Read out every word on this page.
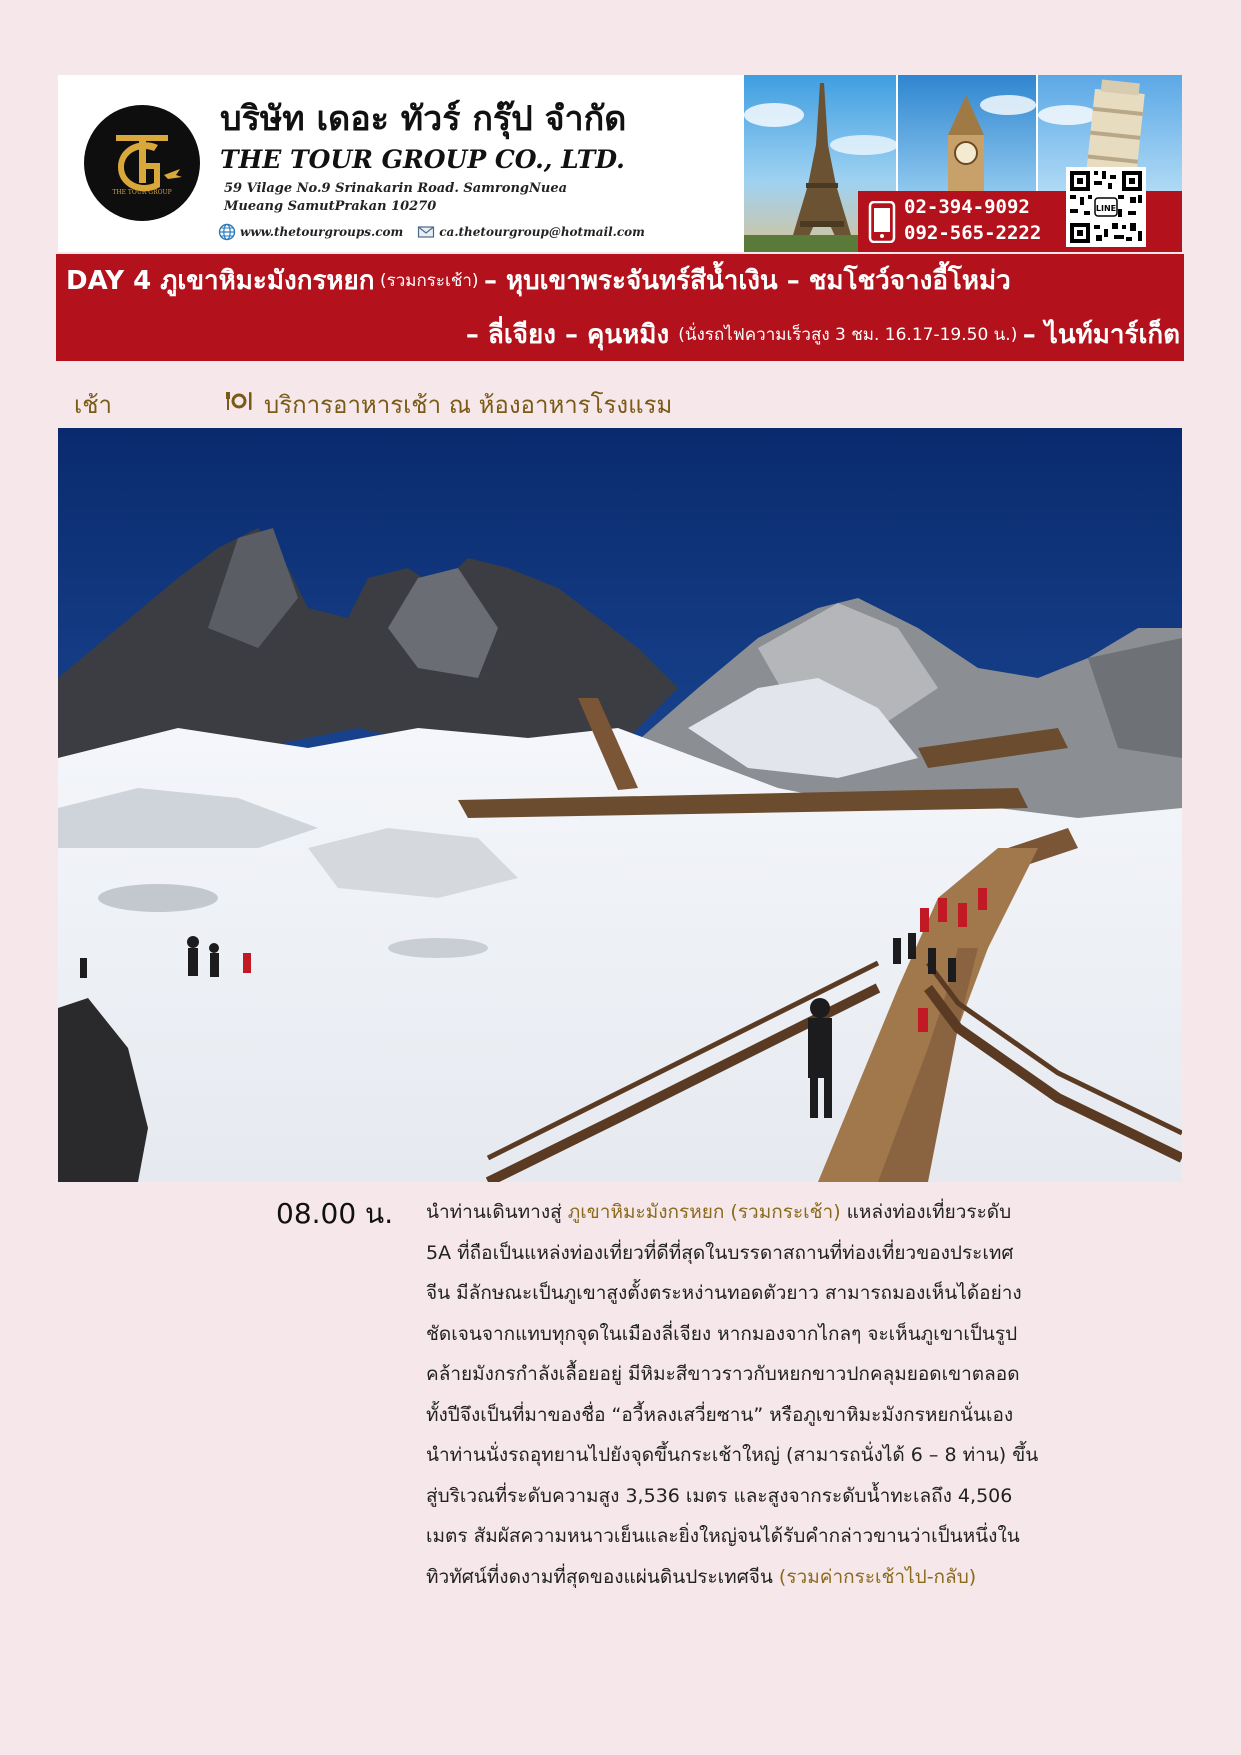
THE TOUR GROUP
บริษัท เดอะ ทัวร์ กรุ๊ป จำกัด
THE TOUR GROUP CO., LTD.
59 Vilage No.9 Srinakarin Road. SamrongNuea
Mueang SamutPrakan 10270
www.thetourgroups.com	ca.thetourgroup@hotmail.com
02-394-9092
092-565-2222
LINE
DAY 4 ภูเขาหิมะมังกรหยก (รวมกระเช้า) – หุบเขาพระจันทร์สีน้ำเงิน – ชมโชว์จางอี้โหม่ว
– ลี่เจียง – คุนหมิง (นั่งรถไฟความเร็วสูง 3 ชม. 16.17-19.50 น.) – ไนท์มาร์เก็ต
เช้า	บริการอาหารเช้า ณ ห้องอาหารโรงแรม
08.00 น. นำท่านเดินทางสู่ ภูเขาหิมะมังกรหยก (รวมกระเช้า) แหล่งท่องเที่ยวระดับ
5A ที่ถือเป็นแหล่งท่องเที่ยวที่ดีที่สุดในบรรดาสถานที่ท่องเที่ยวของประเทศ
จีน มีลักษณะเป็นภูเขาสูงตั้งตระหง่านทอดตัวยาว สามารถมองเห็นได้อย่าง
ชัดเจนจากแทบทุกจุดในเมืองลี่เจียง หากมองจากไกลๆ จะเห็นภูเขาเป็นรูป
คล้ายมังกรกำลังเลื้อยอยู่ มีหิมะสีขาวราวกับหยกขาวปกคลุมยอดเขาตลอด
ทั้งปีจึงเป็นที่มาของชื่อ “อวี้หลงเสวี่ยซาน” หรือภูเขาหิมะมังกรหยกนั่นเอง
นำท่านนั่งรถอุทยานไปยังจุดขึ้นกระเช้าใหญ่ (สามารถนั่งได้ 6 – 8 ท่าน) ขึ้น
สู่บริเวณที่ระดับความสูง 3,536 เมตร และสูงจากระดับน้ำทะเลถึง 4,506
เมตร สัมผัสความหนาวเย็นและยิ่งใหญ่จนได้รับคำกล่าวขานว่าเป็นหนึ่งใน
ทิวทัศน์ที่งดงามที่สุดของแผ่นดินประเทศจีน (รวมค่ากระเช้าไป-กลับ)
